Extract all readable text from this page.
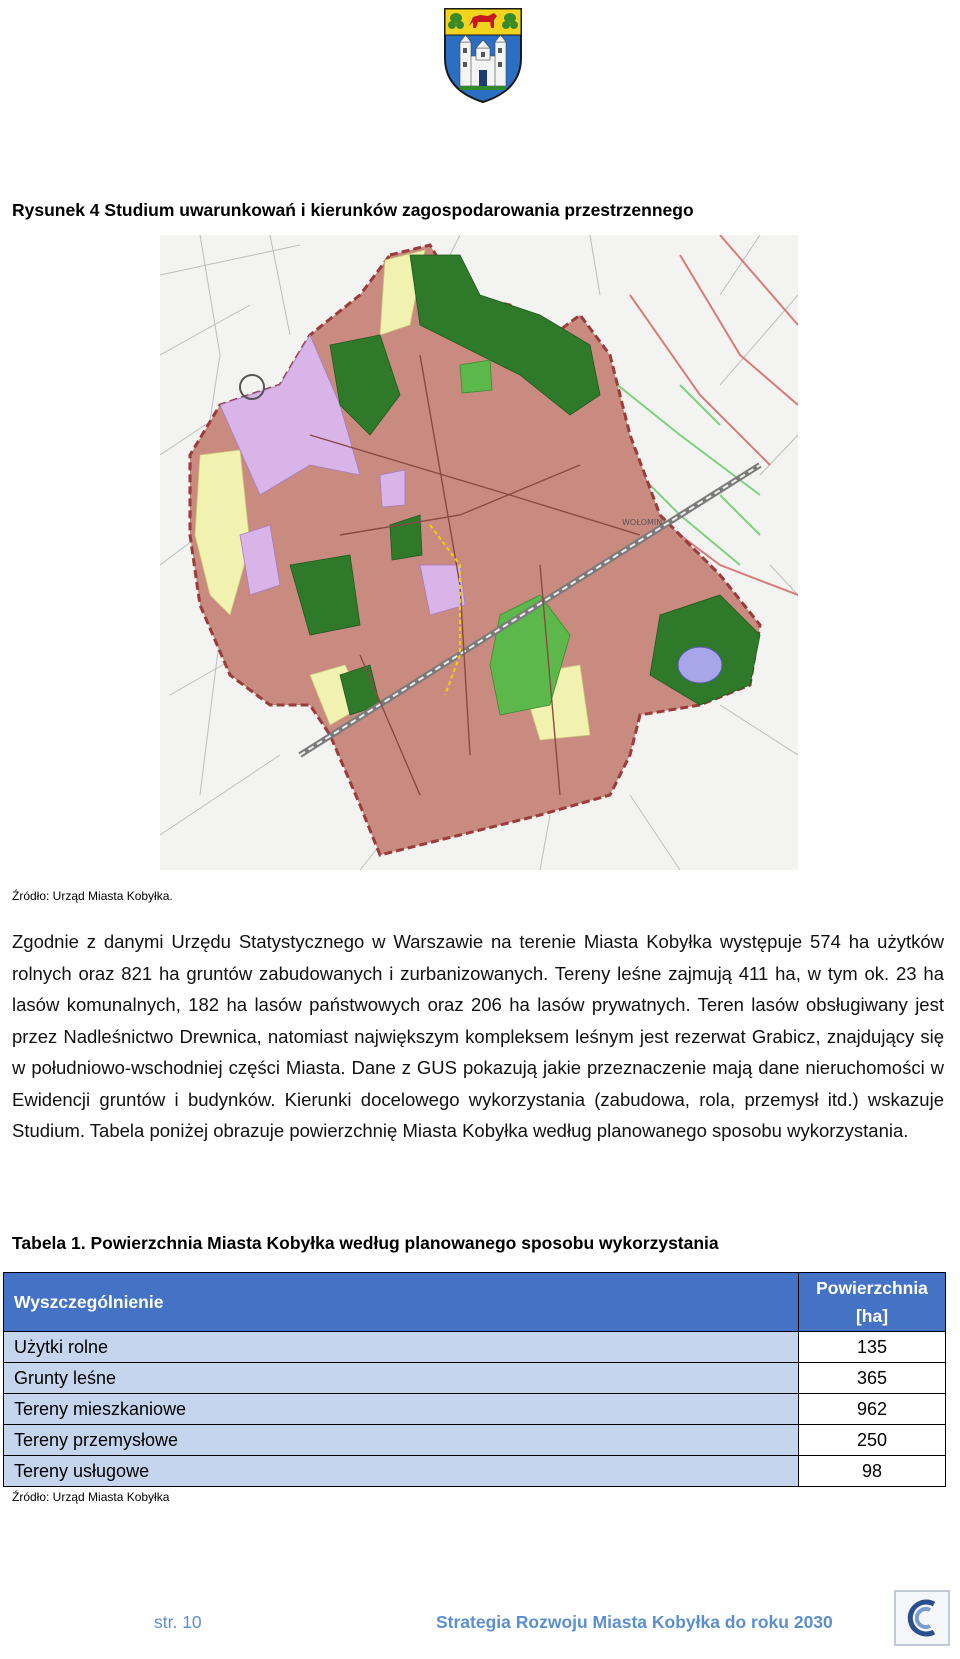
Rysunek 4 Studium uwarunkowań i kierunków zagospodarowania przestrzennego
WOŁOMIN
Źródło: Urząd Miasta Kobyłka.

Zgodnie z danymi Urzędu Statystycznego w Warszawie na terenie Miasta Kobyłka występuje 574 ha użytków rolnych oraz 821 ha gruntów zabudowanych i zurbanizowanych. Tereny leśne zajmują 411 ha, w tym ok. 23 ha lasów komunalnych, 182 ha lasów państwowych oraz 206 ha lasów prywatnych. Teren lasów obsługiwany jest przez Nadleśnictwo Drewnica, natomiast największym kompleksem leśnym jest rezerwat Grabicz, znajdujący się w południowo-wschodniej części Miasta. Dane z GUS pokazują jakie przeznaczenie mają dane nieruchomości w Ewidencji gruntów i budynków. Kierunki docelowego wykorzystania (zabudowa, rola, przemysł itd.) wskazuje Studium. Tabela poniżej obrazuje powierzchnię Miasta Kobyłka według planowanego sposobu wykorzystania.

Tabela 1. Powierzchnia Miasta Kobyłka według planowanego sposobu wykorzystania
Wyszczególnienie	Powierzchnia [ha]
Użytki rolne	135
Grunty leśne	365
Tereny mieszkaniowe	962
Tereny przemysłowe	250
Tereny usługowe	98
Źródło: Urząd Miasta Kobyłka
str. 10	Strategia Rozwoju Miasta Kobyłka do roku 2030
